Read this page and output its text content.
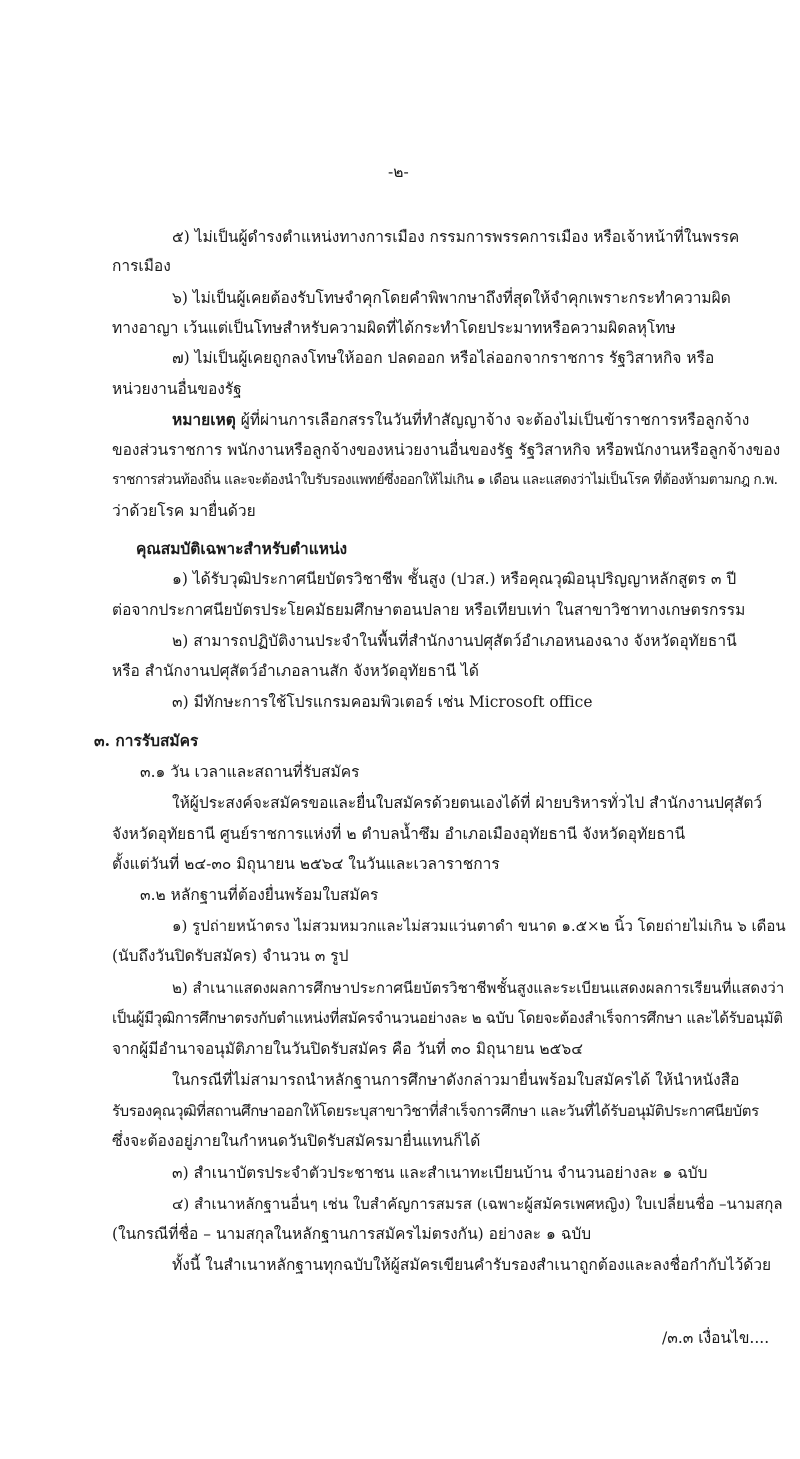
-๒-
๕) ไม่เป็นผู้ดำรงตำแหน่งทางการเมือง กรรมการพรรคการเมือง หรือเจ้าหน้าที่ในพรรค
การเมือง
๖) ไม่เป็นผู้เคยต้องรับโทษจำคุกโดยคำพิพากษาถึงที่สุดให้จำคุกเพราะกระทำความผิด
ทางอาญา เว้นแต่เป็นโทษสำหรับความผิดที่ได้กระทำโดยประมาทหรือความผิดลหุโทษ
๗) ไม่เป็นผู้เคยถูกลงโทษให้ออก ปลดออก หรือไล่ออกจากราชการ รัฐวิสาหกิจ หรือ
หน่วยงานอื่นของรัฐ
หมายเหตุ ผู้ที่ผ่านการเลือกสรรในวันที่ทำสัญญาจ้าง จะต้องไม่เป็นข้าราชการหรือลูกจ้าง
ของส่วนราชการ พนักงานหรือลูกจ้างของหน่วยงานอื่นของรัฐ รัฐวิสาหกิจ หรือพนักงานหรือลูกจ้างของ
ราชการส่วนท้องถิ่น และจะต้องนำใบรับรองแพทย์ซึ่งออกให้ไม่เกิน ๑ เดือน และแสดงว่าไม่เป็นโรค ที่ต้องห้ามตามกฎ ก.พ.
ว่าด้วยโรค มายื่นด้วย
คุณสมบัติเฉพาะสำหรับตำแหน่ง
๑) ได้รับวุฒิประกาศนียบัตรวิชาชีพ ชั้นสูง (ปวส.) หรือคุณวุฒิอนุปริญญาหลักสูตร ๓ ปี
ต่อจากประกาศนียบัตรประโยคมัธยมศึกษาตอนปลาย หรือเทียบเท่า ในสาขาวิชาทางเกษตรกรรม
๒) สามารถปฏิบัติงานประจำในพื้นที่สำนักงานปศุสัตว์อำเภอหนองฉาง จังหวัดอุทัยธานี
หรือ สำนักงานปศุสัตว์อำเภอลานสัก จังหวัดอุทัยธานี ได้
๓) มีทักษะการใช้โปรแกรมคอมพิวเตอร์ เช่น Microsoft office
๓. การรับสมัคร
๓.๑ วัน เวลาและสถานที่รับสมัคร
ให้ผู้ประสงค์จะสมัครขอและยื่นใบสมัครด้วยตนเองได้ที่ ฝ่ายบริหารทั่วไป สำนักงานปศุสัตว์
จังหวัดอุทัยธานี ศูนย์ราชการแห่งที่ ๒ ตำบลน้ำซึม อำเภอเมืองอุทัยธานี จังหวัดอุทัยธานี
ตั้งแต่วันที่ ๒๔-๓๐ มิถุนายน ๒๕๖๔ ในวันและเวลาราชการ
๓.๒ หลักฐานที่ต้องยื่นพร้อมใบสมัคร
๑) รูปถ่ายหน้าตรง ไม่สวมหมวกและไม่สวมแว่นตาดำ ขนาด ๑.๕×๒ นิ้ว โดยถ่ายไม่เกิน ๖ เดือน
(นับถึงวันปิดรับสมัคร) จำนวน ๓ รูป
๒) สำเนาแสดงผลการศึกษาประกาศนียบัตรวิชาชีพชั้นสูงและระเบียนแสดงผลการเรียนที่แสดงว่า
เป็นผู้มีวุฒิการศึกษาตรงกับตำแหน่งที่สมัครจำนวนอย่างละ ๒ ฉบับ โดยจะต้องสำเร็จการศึกษา และได้รับอนุมัติ
จากผู้มีอำนาจอนุมัติภายในวันปิดรับสมัคร คือ วันที่ ๓๐ มิถุนายน ๒๕๖๔
ในกรณีที่ไม่สามารถนำหลักฐานการศึกษาดังกล่าวมายื่นพร้อมใบสมัครได้ ให้นำหนังสือ
รับรองคุณวุฒิที่สถานศึกษาออกให้โดยระบุสาขาวิชาที่สำเร็จการศึกษา และวันที่ได้รับอนุมัติประกาศนียบัตร
ซึ่งจะต้องอยู่ภายในกำหนดวันปิดรับสมัครมายื่นแทนก็ได้
๓) สำเนาบัตรประจำตัวประชาชน และสำเนาทะเบียนบ้าน จำนวนอย่างละ ๑ ฉบับ
๔) สำเนาหลักฐานอื่นๆ เช่น ใบสำคัญการสมรส (เฉพาะผู้สมัครเพศหญิง) ใบเปลี่ยนชื่อ –นามสกุล
(ในกรณีที่ชื่อ – นามสกุลในหลักฐานการสมัครไม่ตรงกัน) อย่างละ ๑ ฉบับ
ทั้งนี้ ในสำเนาหลักฐานทุกฉบับให้ผู้สมัครเขียนคำรับรองสำเนาถูกต้องและลงชื่อกำกับไว้ด้วย
/๓.๓ เงื่อนไข....
